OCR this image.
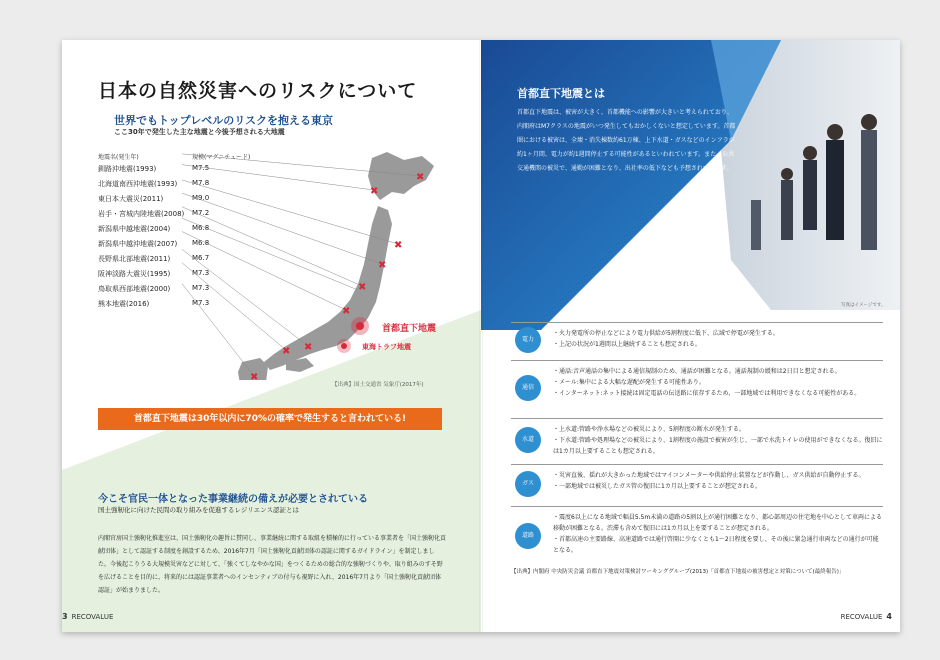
日本の自然災害へのリスクについて
世界でもトップレベルのリスクを抱える東京
ここ30年で発生した主な地震と今後予想される大地震
地震名(発生年)	規模(マグニチュード)
釧路沖地震(1993)	M7.5
北海道南西沖地震(1993) M7.8
東日本大震災(2011)	M9.0
岩手・宮城内陸地震(2008) M7.2
新潟県中越地震(2004)	M6.8
新潟県中越沖地震(2007) M6.8
長野県北部地震(2011)	M6.7
阪神淡路大震災(1995)	M7.3
鳥取県西部地震(2000)	M7.3
熊本地震(2016)	M7.3
✖
✖
✖
✖
✖
✖
✖
✖
✖
首都直下地震
東海トラフ地震
【出典】国土交通省 気象庁(2017年)
首都直下地震は30年以内に70%の確率で発生すると言われている!
今こそ官民一体となった事業継続の備えが必要とされている
国土強靭化に向けた民間の取り組みを促進するレジリエンス認証とは
内閣官房国土強靭化推進室は、国土強靭化の趣旨に賛同し、事業継続に関する取組を積極的に行っている事業者を「国土強靭化貢献団体」として認証する制度を創設するため、2016年7月「国土強靭化貢献団体の認証に関するガイドライン」を制定しました。今後起こりうる大規模災害などに対して、「強くてしなやかな国」をつくるための総合的な強靭づくりや、取り組みのすそ野を広げることを目的に、将来的には認証事業者へのインセンティブの付与も視野に入れ、2016年7月より「国土強靭化貢献団体認証」が始まりました。
3 RECOVALUE
首都直下地震とは
首都直下地震は、被害が大きく、首都機能への影響が大きいと考えられており、内閣府はM7クラスの地震がいつ発生してもおかしくないと想定しています。首都圏における被害は、全壊・消失棟数約61万棟、上下水道・ガスなどのインフラが約1ヶ月間、電力が約1週間停止する可能性があるといわれています。また、公共交通機関の被災で、通勤が困難となり、出社率の低下なども予想されています。
写真はイメージです。
電力
・火力発電所の停止などにより電力供給が5割程度に低下、広域で停電が発生する。
・上記の状況が1週間以上継続することも想定される。
通信
・通話:音声通話の集中による通信規制のため、通話が困難となる。通話規制の緩和は2日目と想定される。
・メール:集中による大幅な遅配が発生する可能性あり。
・インターネット:ネット接続は固定電話の伝送路に依存するため、一部地域では利用できなくなる可能性がある。
水道
・上水道:管路や浄水場などの被災により、5割程度の断水が発生する。
・下水道:管路や処理場などの被災により、1割程度の施設で被害が生じ、一部で水洗トイレの使用ができなくなる。復旧には1カ月以上要することも想定される。
ガス
・災害直後、揺れが大きかった地域ではマイコンメーターや供給停止装置などが作動し、ガス供給が自動停止する。
・一部地域では被災したガス管の復旧に1カ月以上要することが想定される。
道路
・震度6以上になる地域で幅員5.5m未満の道路の5割以上が通行困難となり、都心部周辺の住宅地を中心として車両による移動が困難となる。渋滞も含めて復旧には1カ月以上を要することが想定される。
・首都高速の主要路線、高速道路では通行啓開に少なくとも1〜2日程度を要し、その後に緊急通行車両などの通行が可能となる。
【出典】内閣府 中央防災会議 首都直下地震対策検討ワーキンググループ(2013)「首都直下地震の被害想定と対策について(最終報告)」
RECOVALUE 4
